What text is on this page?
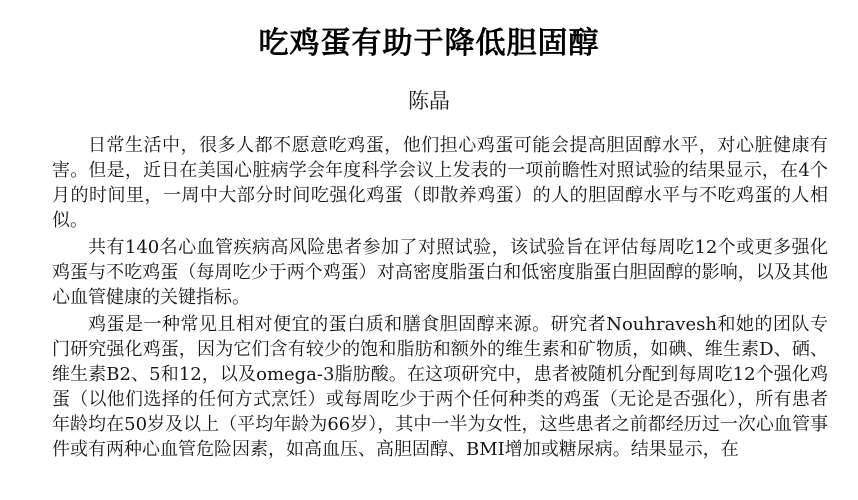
吃鸡蛋有助于降低胆固醇

陈晶

日常生活中，很多人都不愿意吃鸡蛋，他们担心鸡蛋可能会提高胆固醇水平，对心脏健康有害。但是，近日在美国心脏病学会年度科学会议上发表的一项前瞻性对照试验的结果显示，在4个月的时间里，一周中大部分时间吃强化鸡蛋（即散养鸡蛋）的人的胆固醇水平与不吃鸡蛋的人相似。

共有140名心血管疾病高风险患者参加了对照试验，该试验旨在评估每周吃12个或更多强化鸡蛋与不吃鸡蛋（每周吃少于两个鸡蛋）对高密度脂蛋白和低密度脂蛋白胆固醇的影响，以及其他心血管健康的关键指标。

鸡蛋是一种常见且相对便宜的蛋白质和膳食胆固醇来源。研究者Nouhravesh和她的团队专门研究强化鸡蛋，因为它们含有较少的饱和脂肪和额外的维生素和矿物质，如碘、维生素D、硒、维生素B2、5和12，以及omega-3脂肪酸。在这项研究中，患者被随机分配到每周吃12个强化鸡蛋（以他们选择的任何方式烹饪）或每周吃少于两个任何种类的鸡蛋（无论是否强化），所有患者年龄均在50岁及以上（平均年龄为66岁），其中一半为女性，这些患者之前都经历过一次心血管事件或有两种心血管危险因素，如高血压、高胆固醇、BMI增加或糖尿病。结果显示，在
